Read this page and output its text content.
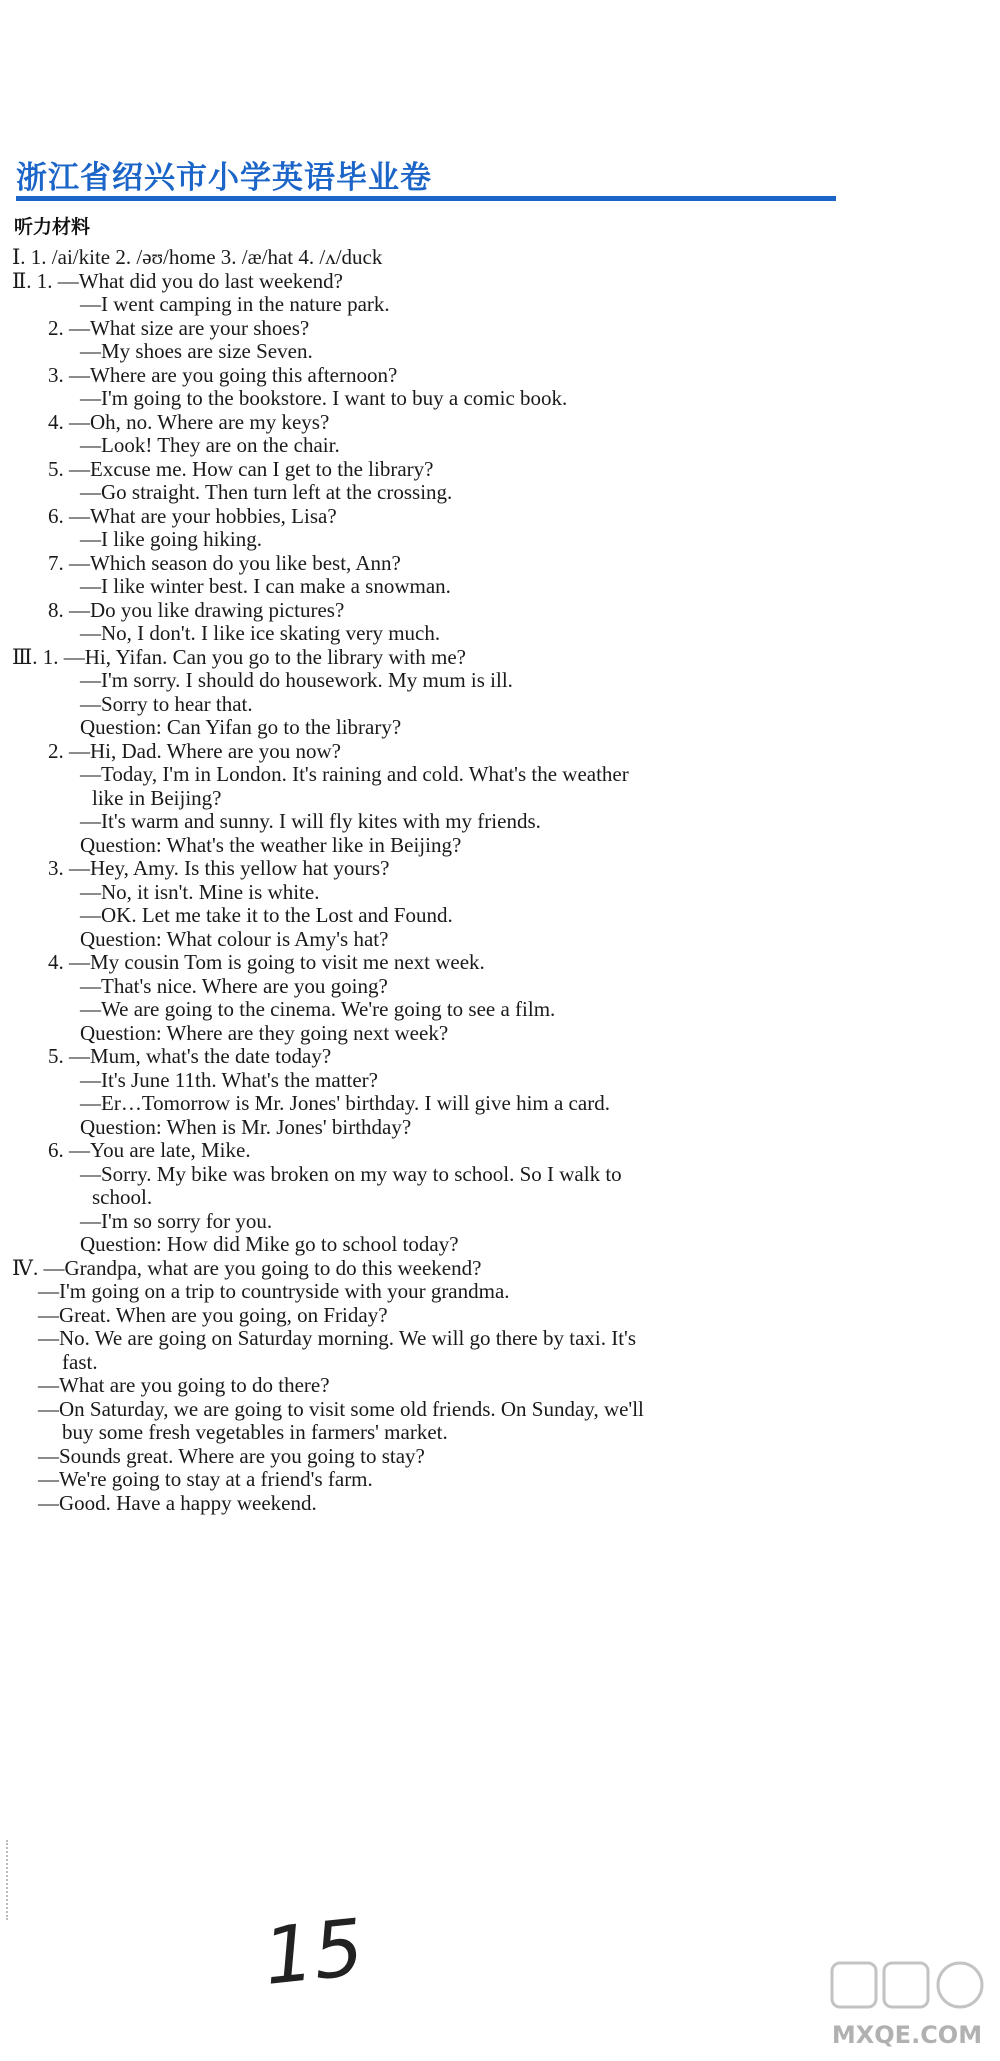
浙江省绍兴市小学英语毕业卷
听力材料
Ⅰ. 1. /ai/kite 2. /əʊ/home 3. /æ/hat 4. /ʌ/duck
Ⅱ. 1. —What did you do last weekend?
—I went camping in the nature park.
2. —What size are your shoes?
—My shoes are size Seven.
3. —Where are you going this afternoon?
—I'm going to the bookstore. I want to buy a comic book.
4. —Oh, no. Where are my keys?
—Look! They are on the chair.
5. —Excuse me. How can I get to the library?
—Go straight. Then turn left at the crossing.
6. —What are your hobbies, Lisa?
—I like going hiking.
7. —Which season do you like best, Ann?
—I like winter best. I can make a snowman.
8. —Do you like drawing pictures?
—No, I don't. I like ice skating very much.
Ⅲ. 1. —Hi, Yifan. Can you go to the library with me?
—I'm sorry. I should do housework. My mum is ill.
—Sorry to hear that.
Question: Can Yifan go to the library?
2. —Hi, Dad. Where are you now?
—Today, I'm in London. It's raining and cold. What's the weather
like in Beijing?
—It's warm and sunny. I will fly kites with my friends.
Question: What's the weather like in Beijing?
3. —Hey, Amy. Is this yellow hat yours?
—No, it isn't. Mine is white.
—OK. Let me take it to the Lost and Found.
Question: What colour is Amy's hat?
4. —My cousin Tom is going to visit me next week.
—That's nice. Where are you going?
—We are going to the cinema. We're going to see a film.
Question: Where are they going next week?
5. —Mum, what's the date today?
—It's June 11th. What's the matter?
—Er…Tomorrow is Mr. Jones' birthday. I will give him a card.
Question: When is Mr. Jones' birthday?
6. —You are late, Mike.
—Sorry. My bike was broken on my way to school. So I walk to
school.
—I'm so sorry for you.
Question: How did Mike go to school today?
Ⅳ. —Grandpa, what are you going to do this weekend?
—I'm going on a trip to countryside with your grandma.
—Great. When are you going, on Friday?
—No. We are going on Saturday morning. We will go there by taxi. It's
fast.
—What are you going to do there?
—On Saturday, we are going to visit some old friends. On Sunday, we'll
buy some fresh vegetables in farmers' market.
—Sounds great. Where are you going to stay?
—We're going to stay at a friend's farm.
—Good. Have a happy weekend.
15
MXQE.COM
